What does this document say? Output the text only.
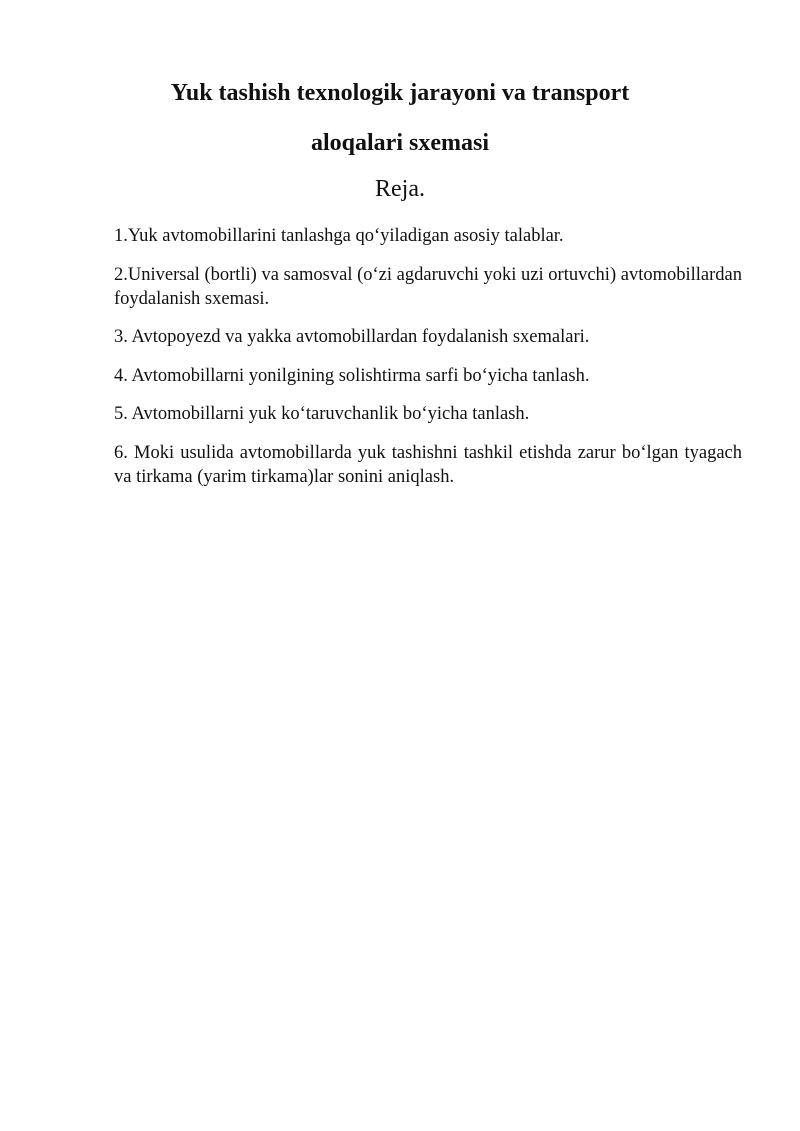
Yuk tashish texnologik jarayoni va transport
aloqalari sxemasi
Reja.
1.Yuk avtomobillarini tanlashga qo‘yiladigan asosiy talablar.
2.Universal (bortli) va samosval (o‘zi agdaruvchi yoki uzi ortuvchi) avtomobillardan foydalanish sxemasi.
3. Avtopoyezd va yakka avtomobillardan foydalanish sxemalari.
4. Avtomobillarni yonilgining solishtirma sarfi bo‘yicha tanlash.
5. Avtomobillarni yuk ko‘taruvchanlik bo‘yicha tanlash.
6. Moki usulida avtomobillarda yuk tashishni tashkil etishda zarur bo‘lgan tyagach va tirkama (yarim tirkama)lar sonini aniqlash.
